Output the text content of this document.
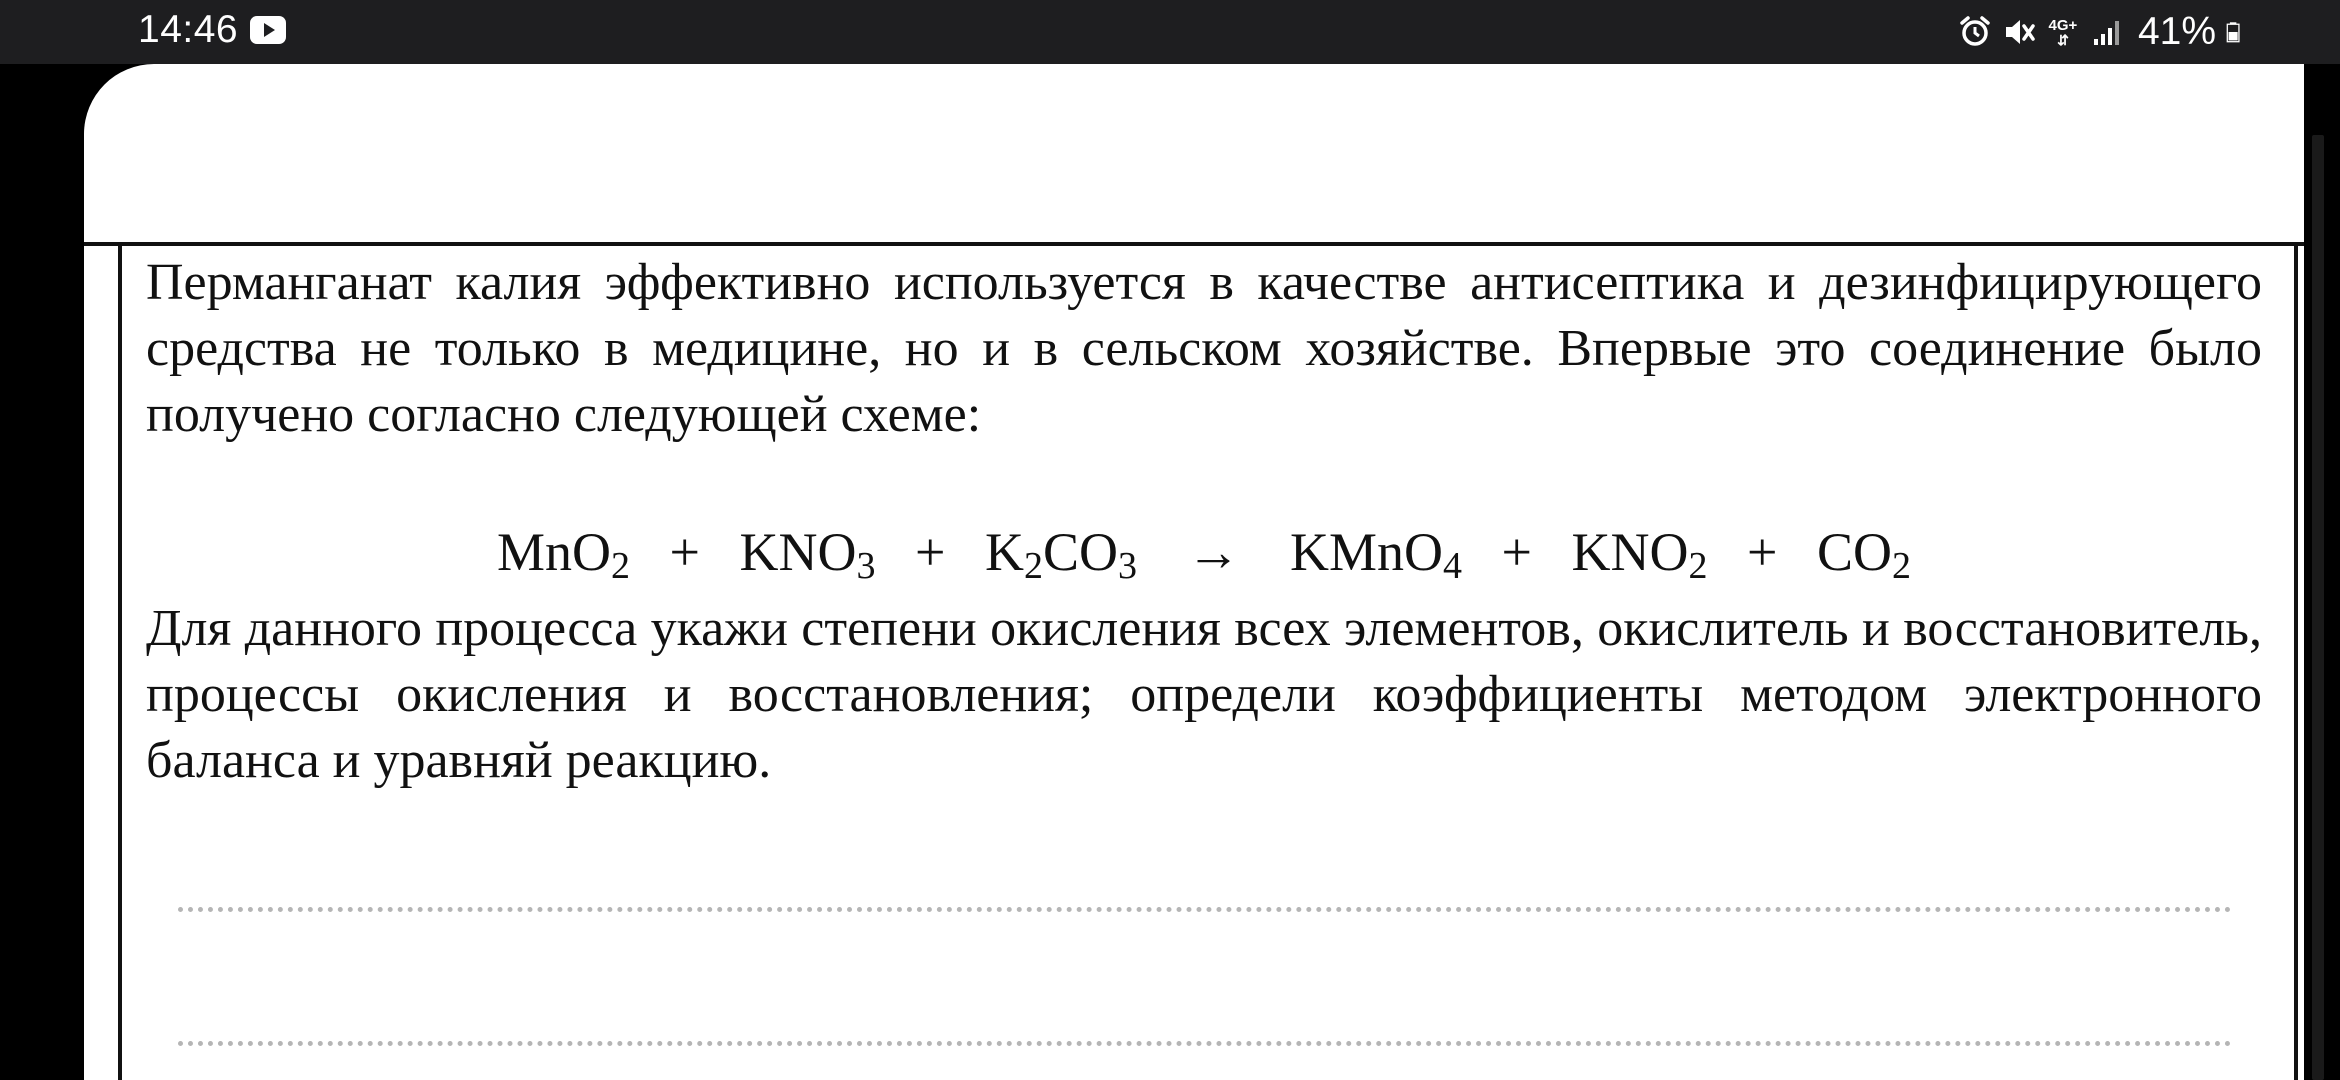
14:46	4G+
⇵ 41%

Перманганат калия эффективно используется в качестве антисептика и дезинфицирующего средства не только в медицине, но и в сельском хозяйстве. Впервые это соединение было получено согласно следующей схеме:

$MnO_2 + KNO_3 + K_2CO_3$ → KMnO$_4$ + $KNO_2 + CO_2$

Для данного процесса укажи степени окисления всех элементов, окислитель и восстановитель, процессы окисления и восстановления; определи коэффициенты методом электронного баланса и уравняй реакцию.
